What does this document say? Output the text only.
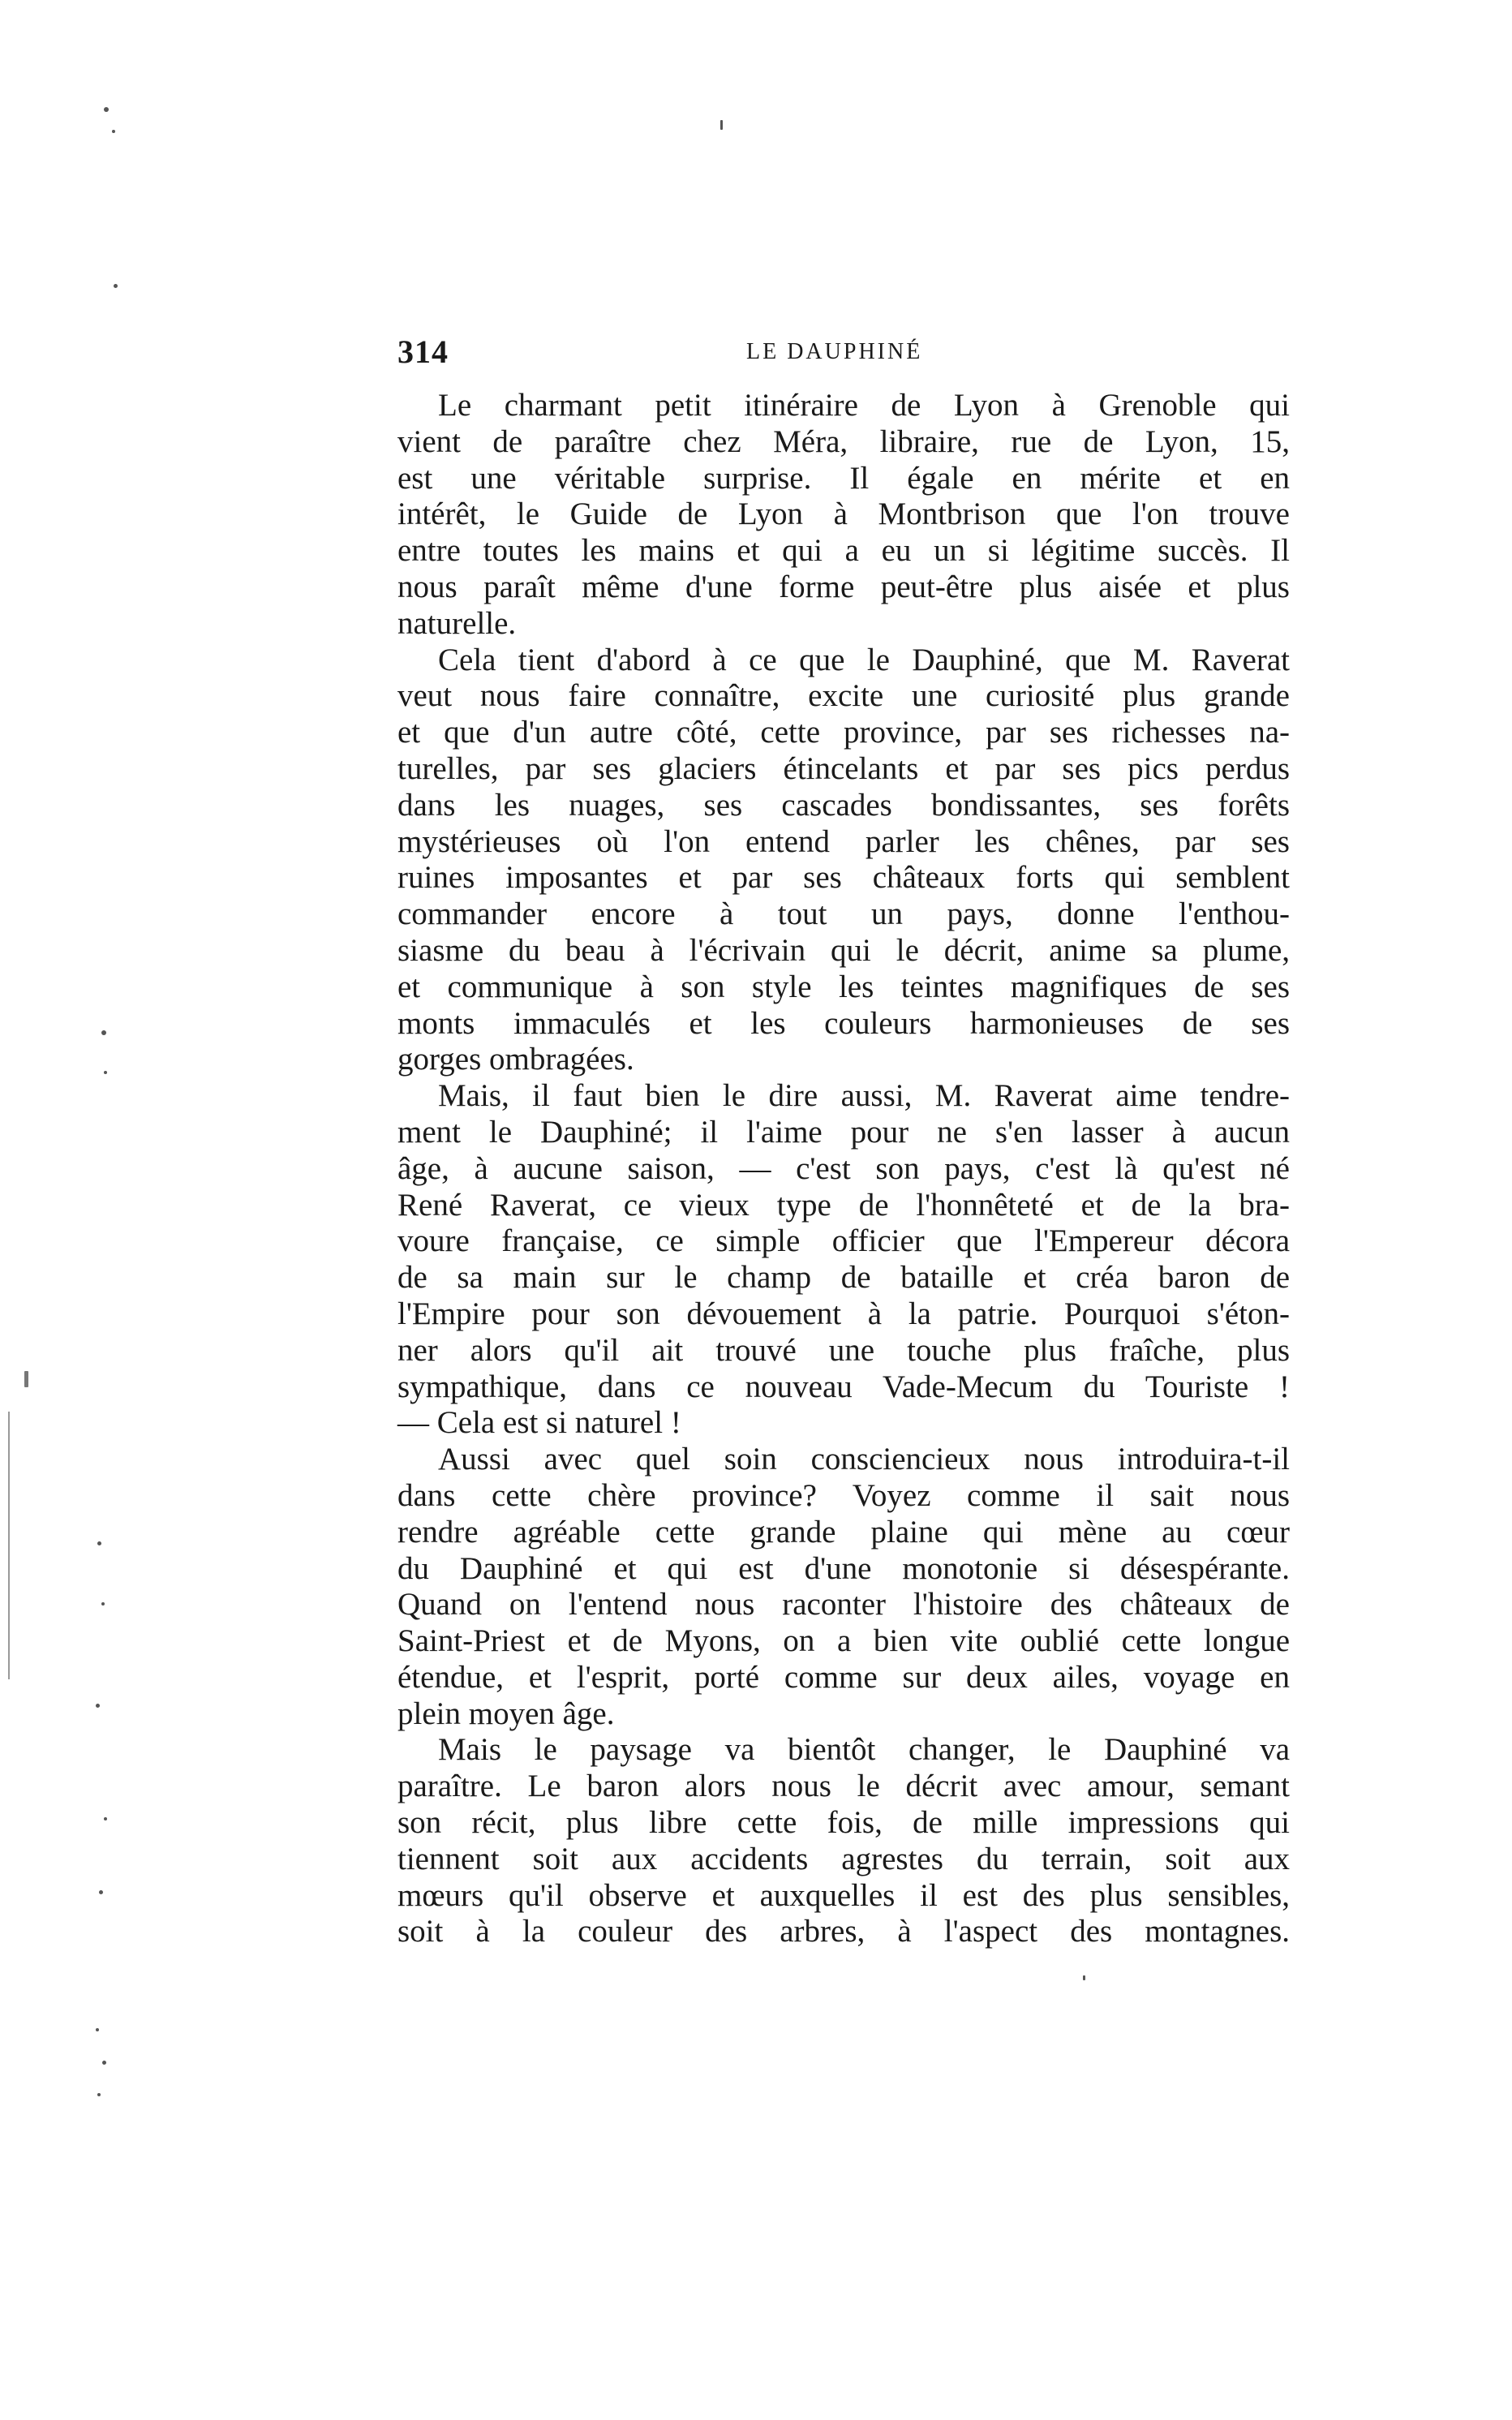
314	LE DAUPHINÉ
Le charmant petit itinéraire de Lyon à Grenoble qui
vient de paraître chez Méra, libraire, rue de Lyon, 15,
est une véritable surprise. Il égale en mérite et en
intérêt, le Guide de Lyon à Montbrison que l'on trouve
entre toutes les mains et qui a eu un si légitime succès. Il
nous paraît même d'une forme peut-être plus aisée et plus
naturelle.
Cela tient d'abord à ce que le Dauphiné, que M. Raverat
veut nous faire connaître, excite une curiosité plus grande
et que d'un autre côté, cette province, par ses richesses na-
turelles, par ses glaciers étincelants et par ses pics perdus
dans les nuages, ses cascades bondissantes, ses forêts
mystérieuses où l'on entend parler les chênes, par ses
ruines imposantes et par ses châteaux forts qui semblent
commander encore à tout un pays, donne l'enthou-
siasme du beau à l'écrivain qui le décrit, anime sa plume,
et communique à son style les teintes magnifiques de ses
monts immaculés et les couleurs harmonieuses de ses
gorges ombragées.
Mais, il faut bien le dire aussi, M. Raverat aime tendre-
ment le Dauphiné; il l'aime pour ne s'en lasser à aucun
âge, à aucune saison, — c'est son pays, c'est là qu'est né
René Raverat, ce vieux type de l'honnêteté et de la bra-
voure française, ce simple officier que l'Empereur décora
de sa main sur le champ de bataille et créa baron de
l'Empire pour son dévouement à la patrie. Pourquoi s'éton-
ner alors qu'il ait trouvé une touche plus fraîche, plus
sympathique, dans ce nouveau Vade-Mecum du Touriste !
— Cela est si naturel !
Aussi avec quel soin consciencieux nous introduira-t-il
dans cette chère province? Voyez comme il sait nous
rendre agréable cette grande plaine qui mène au cœur
du Dauphiné et qui est d'une monotonie si désespérante.
Quand on l'entend nous raconter l'histoire des châteaux de
Saint-Priest et de Myons, on a bien vite oublié cette longue
étendue, et l'esprit, porté comme sur deux ailes, voyage en
plein moyen âge.
Mais le paysage va bientôt changer, le Dauphiné va
paraître. Le baron alors nous le décrit avec amour, semant
son récit, plus libre cette fois, de mille impressions qui
tiennent soit aux accidents agrestes du terrain, soit aux
mœurs qu'il observe et auxquelles il est des plus sensibles,
soit à la couleur des arbres, à l'aspect des montagnes.
